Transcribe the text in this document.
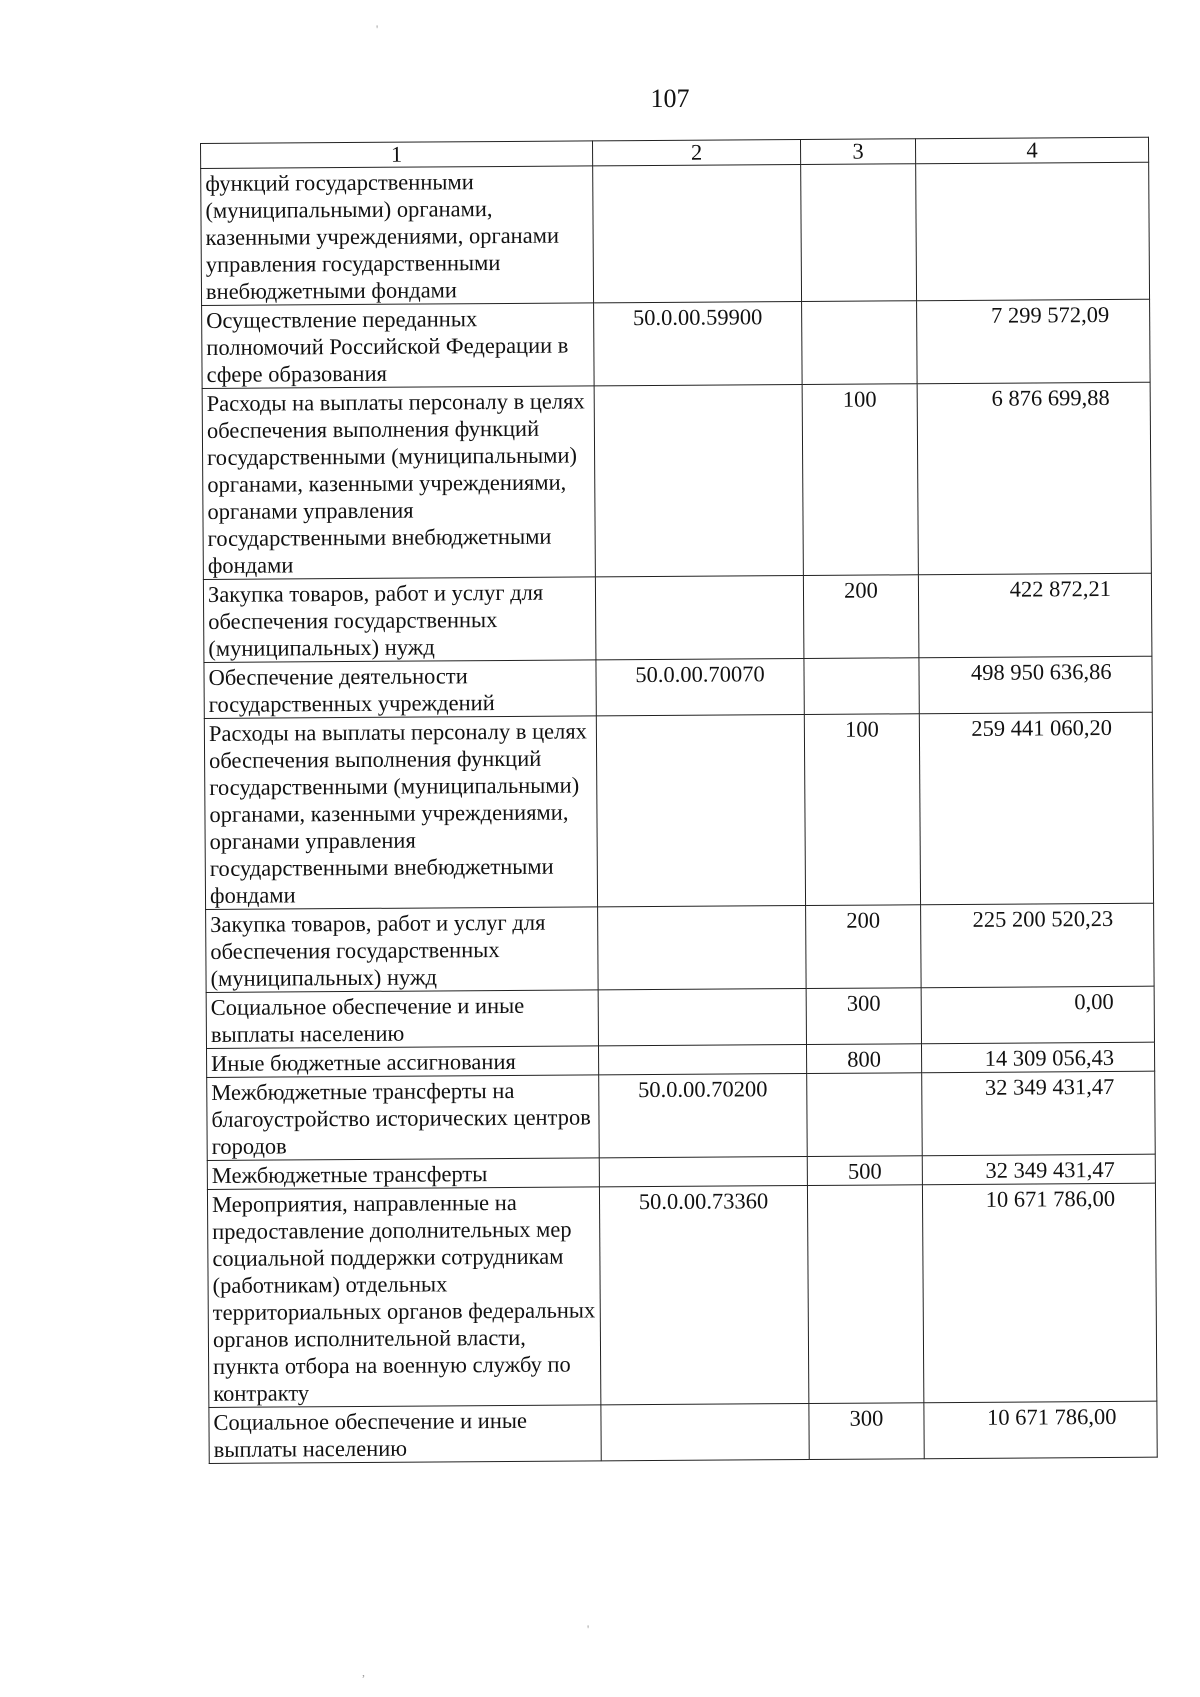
107
1	2	3	4
функций государственными (муниципальными) органами, казенными учреждениями, органами управления государственными внебюджетными фондами			
Осуществление переданных полномочий Российской Федерации в сфере образования	50.0.00.59900		7 299 572,09
Расходы на выплаты персоналу в целях обеспечения выполнения функций государственными (муниципальными) органами, казенными учреждениями, органами управления государственными внебюджетными фондами		100	6 876 699,88
Закупка товаров, работ и услуг для обеспечения государственных (муниципальных) нужд		200	422 872,21
Обеспечение деятельности государственных учреждений	50.0.00.70070		498 950 636,86
Расходы на выплаты персоналу в целях обеспечения выполнения функций государственными (муниципальными) органами, казенными учреждениями, органами управления государственными внебюджетными фондами		100	259 441 060,20
Закупка товаров, работ и услуг для обеспечения государственных (муниципальных) нужд		200	225 200 520,23
Социальное обеспечение и иные выплаты населению		300	0,00
Иные бюджетные ассигнования		800	14 309 056,43
Межбюджетные трансферты на благоустройство исторических центров городов	50.0.00.70200		32 349 431,47
Межбюджетные трансферты		500	32 349 431,47
Мероприятия, направленные на предоставление дополнительных мер социальной поддержки сотрудникам (работникам) отдельных территориальных органов федеральных органов исполнительной власти, пункта отбора на военную службу по контракту	50.0.00.73360		10 671 786,00
Социальное обеспечение и иные выплаты населению		300	10 671 786,00
'
'
,
